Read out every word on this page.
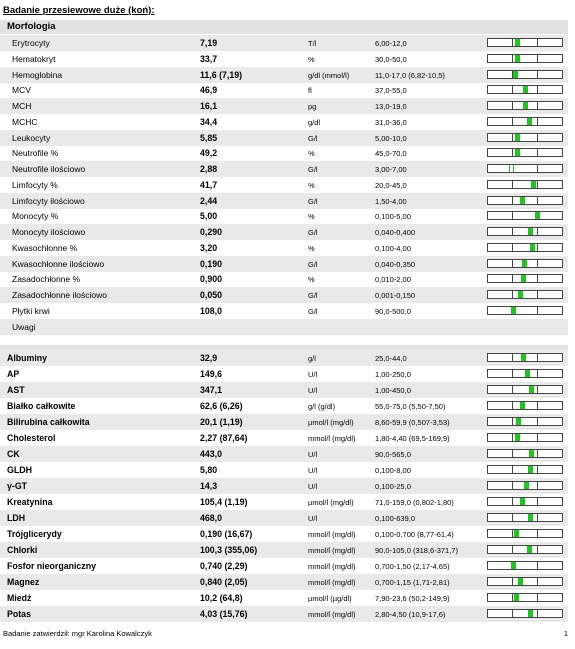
Badanie przesiewowe duże (koń):
Morfologia
Erytrocyty	7,19	T/l	6,00-12,0
Hematokryt	33,7	%	30,0-50,0
Hemoglobina	11,6 (7,19)	g/dl (mmol/l)	11,0-17,0 (6,82-10,5)
MCV	46,9	fl	37,0-55,0
MCH	16,1	pg	13,0-19,0
MCHC	34,4	g/dl	31,0-36,0
Leukocyty	5,85	G/l	5,00-10,0
Neutrofile %	49,2	%	45,0-70,0
Neutrofile ilościowo	2,88	G/l	3,00-7,00
Limfocyty %	41,7	%	20,0-45,0
Limfocyty ilościowo	2,44	G/l	1,50-4,00
Monocyty %	5,00	%	0,100-5,00
Monocyty ilościowo	0,290	G/l	0,040-0,400
Kwasochłonne %	3,20	%	0,100-4,00
Kwasochłonne ilościowo	0,190	G/l	0,040-0,350
Zasadochłonne %	0,900	%	0,010-2,00
Zasadochłonne ilościowo	0,050	G/l	0,001-0,150
Płytki krwi	108,0	G/l	90,0-500,0
Uwagi
Albuminy	32,9	g/l	25,0-44,0
AP	149,6	U/l	1,00-250,0
AST	347,1	U/l	1,00-450,0
Białko całkowite	62,6 (6,26)	g/l (g/dl)	55,0-75,0 (5,50-7,50)
Bilirubina całkowita	20,1 (1,19)	µmol/l (mg/dl)	8,60-59,9 (0,507-3,53)
Cholesterol	2,27 (87,64)	mmol/l (mg/dl)	1,80-4,40 (69,5-169,9)
CK	443,0	U/l	90,0-565,0
GLDH	5,80	U/l	0,100-8,00
γ-GT	14,3	U/l	0,100-25,0
Kreatynina	105,4 (1,19)	µmol/l (mg/dl)	71,0-159,0 (0,802-1,80)
LDH	468,0	U/l	0,100-639,0
Trójglicerydy	0,190 (16,67)	mmol/l (mg/dl)	0,100-0,700 (8,77-61,4)
Chlorki	100,3 (355,06)	mmol/l (mg/dl)	90,0-105,0 (318,6-371,7)
Fosfor nieorganiczny	0,740 (2,29)	mmol/l (mg/dl)	0,700-1,50 (2,17-4,65)
Magnez	0,840 (2,05)	mmol/l (mg/dl)	0,700-1,15 (1,71-2,81)
Miedź	10,2 (64,8)	µmol/l (µg/dl)	7,90-23,6 (50,2-149,9)
Potas	4,03 (15,76)	mmol/l (mg/dl)	2,80-4,50 (10,9-17,6)
Badanie zatwierdził: mgr Karolina Kowalczyk	1
